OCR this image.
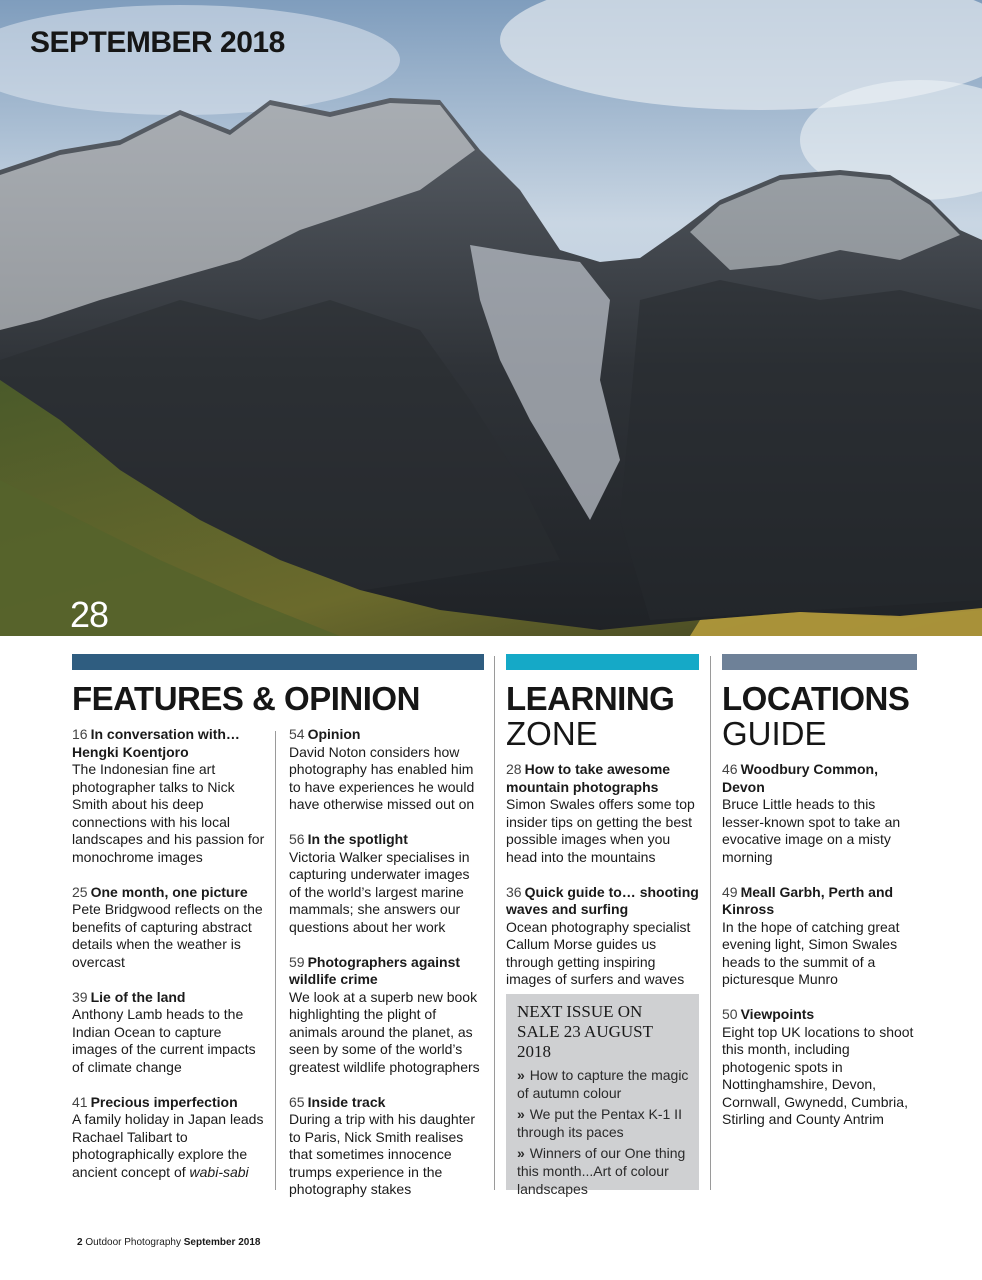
SEPTEMBER 2018
28
FEATURES & OPINION
16 In conversation with… Hengki Koentjoro
The Indonesian fine art photographer talks to Nick Smith about his deep connections with his local landscapes and his passion for monochrome images
25 One month, one picture
Pete Bridgwood reflects on the benefits of capturing abstract details when the weather is overcast
39 Lie of the land
Anthony Lamb heads to the Indian Ocean to capture images of the current impacts of climate change
41 Precious imperfection
A family holiday in Japan leads Rachael Talibart to photographically explore the ancient concept of wabi-sabi
54 Opinion
David Noton considers how photography has enabled him to have experiences he would have otherwise missed out on
56 In the spotlight
Victoria Walker specialises in capturing underwater images of the world’s largest marine mammals; she answers our questions about her work
59 Photographers against wildlife crime
We look at a superb new book highlighting the plight of animals around the planet, as seen by some of the world’s greatest wildlife photographers
65 Inside track
During a trip with his daughter to Paris, Nick Smith realises that sometimes innocence trumps experience in the photography stakes
LEARNING
ZONE
28 How to take awesome mountain photographs
Simon Swales offers some top insider tips on getting the best possible images when you head into the mountains
36 Quick guide to… shooting waves and surfing
Ocean photography specialist Callum Morse guides us through getting inspiring images of surfers and waves

NEXT ISSUE ON SALE 23 AUGUST 2018

» How to capture the magic of autumn colour

» We put the Pentax K-1 II through its paces

» Winners of our One thing this month...Art of colour landscapes

LOCATIONS
GUIDE
46 Woodbury Common, Devon
Bruce Little heads to this lesser-known spot to take an evocative image on a misty morning
49 Meall Garbh, Perth and Kinross
In the hope of catching great evening light, Simon Swales heads to the summit of a picturesque Munro
50 Viewpoints
Eight top UK locations to shoot this month, including photogenic spots in Nottinghamshire, Devon, Cornwall, Gwynedd, Cumbria, Stirling and County Antrim
2 Outdoor Photography September 2018
